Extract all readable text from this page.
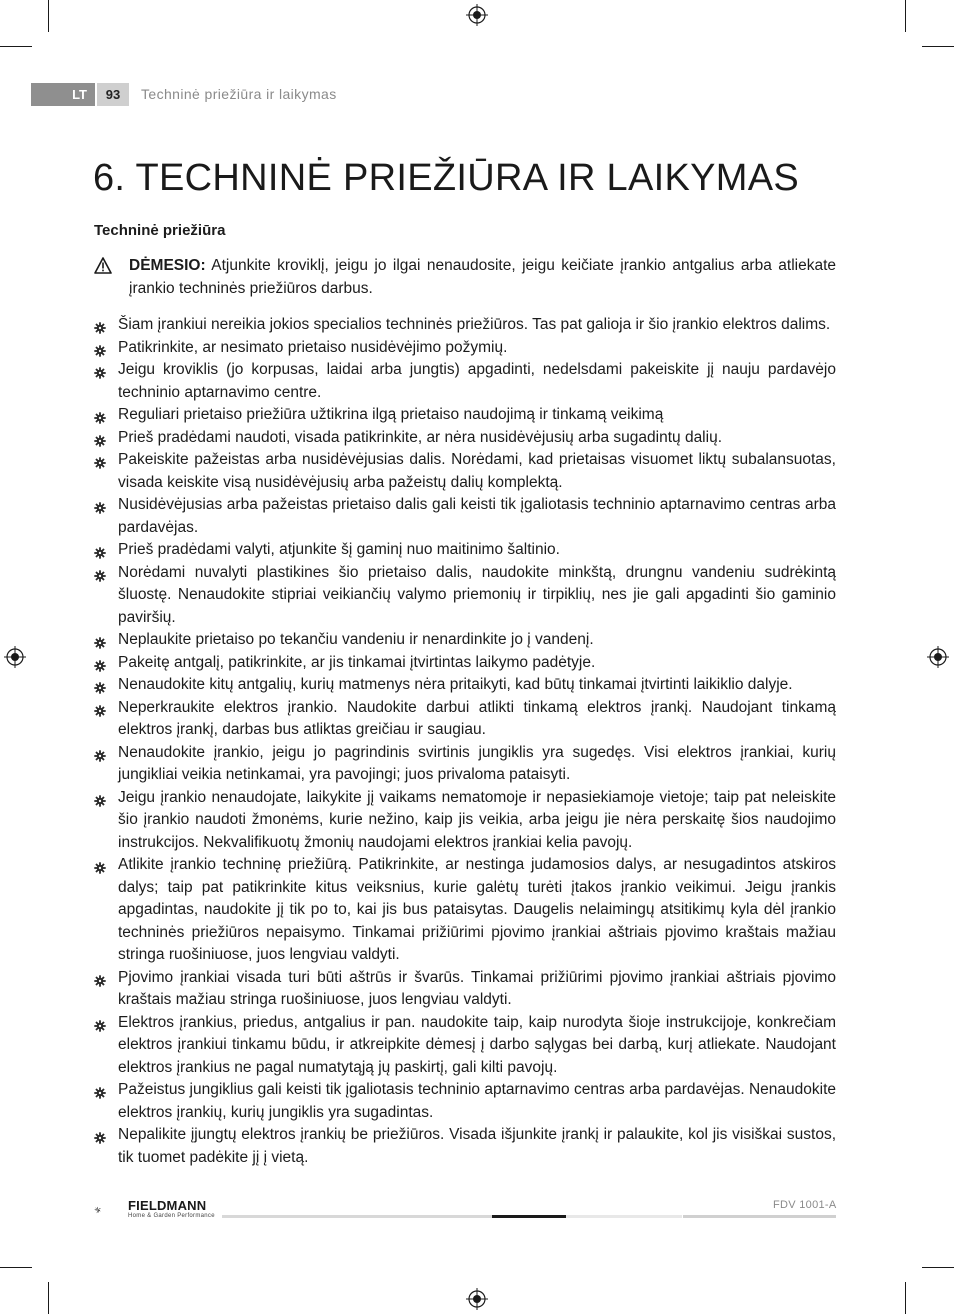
LT	93	Techninė priežiūra ir laikymas
6. TECHNINĖ PRIEŽIŪRA IR LAIKYMAS
Techninė priežiūra
DĖMESIO: Atjunkite kroviklį, jeigu jo ilgai nenaudosite, jeigu keičiate įrankio antgalius arba atliekate įrankio techninės priežiūros darbus.
Šiam įrankiui nereikia jokios specialios techninės priežiūros. Tas pat galioja ir šio įrankio elektros dalims.
Patikrinkite, ar nesimato prietaiso nusidėvėjimo požymių.
Jeigu kroviklis (jo korpusas, laidai arba jungtis) apgadinti, nedelsdami pakeiskite jį nauju pardavėjo techninio aptarnavimo centre.
Reguliari prietaiso priežiūra užtikrina ilgą prietaiso naudojimą ir tinkamą veikimą
Prieš pradėdami naudoti, visada patikrinkite, ar nėra nusidėvėjusių arba sugadintų dalių.
Pakeiskite pažeistas arba nusidėvėjusias dalis. Norėdami, kad prietaisas visuomet liktų subalansuotas, visada keiskite visą nusidėvėjusių arba pažeistų dalių komplektą.
Nusidėvėjusias arba pažeistas prietaiso dalis gali keisti tik įgaliotasis techninio aptarnavimo centras arba pardavėjas.
Prieš pradėdami valyti, atjunkite šį gaminį nuo maitinimo šaltinio.
Norėdami nuvalyti plastikines šio prietaiso dalis, naudokite minkštą, drungnu vandeniu sudrėkintą šluostę. Nenaudokite stipriai veikiančių valymo priemonių ir tirpiklių, nes jie gali apgadinti šio gaminio paviršių.
Neplaukite prietaiso po tekančiu vandeniu ir nenardinkite jo į vandenį.
Pakeitę antgalį, patikrinkite, ar jis tinkamai įtvirtintas laikymo padėtyje.
Nenaudokite kitų antgalių, kurių matmenys nėra pritaikyti, kad būtų tinkamai įtvirtinti laikiklio dalyje.
Neperkraukite elektros įrankio. Naudokite darbui atlikti tinkamą elektros įrankį. Naudojant tinkamą elektros įrankį, darbas bus atliktas greičiau ir saugiau.
Nenaudokite įrankio, jeigu jo pagrindinis svirtinis jungiklis yra sugedęs. Visi elektros įrankiai, kurių jungikliai veikia netinkamai, yra pavojingi; juos privaloma pataisyti.
Jeigu įrankio nenaudojate, laikykite jį vaikams nematomoje ir nepasiekiamoje vietoje; taip pat neleiskite šio įrankio naudoti žmonėms, kurie nežino, kaip jis veikia, arba jeigu jie nėra perskaitę šios naudojimo instrukcijos. Nekvalifikuotų žmonių naudojami elektros įrankiai kelia pavojų.
Atlikite įrankio techninę priežiūrą. Patikrinkite, ar nestinga judamosios dalys, ar nesugadintos atskiros dalys; taip pat patikrinkite kitus veiksnius, kurie galėtų turėti įtakos įrankio veikimui. Jeigu įrankis apgadintas, naudokite jį tik po to, kai jis bus pataisytas. Daugelis nelaimingų atsitikimų kyla dėl įrankio techninės priežiūros nepaisymo. Tinkamai prižiūrimi pjovimo įrankiai aštriais pjovimo kraštais mažiau stringa ruošiniuose, juos lengviau valdyti.
Pjovimo įrankiai visada turi būti aštrūs ir švarūs. Tinkamai prižiūrimi pjovimo įrankiai aštriais pjovimo kraštais mažiau stringa ruošiniuose, juos lengviau valdyti.
Elektros įrankius, priedus, antgalius ir pan. naudokite taip, kaip nurodyta šioje instrukcijoje, konkrečiam elektros įrankiui tinkamu būdu, ir atkreipkite dėmesį į darbo sąlygas bei darbą, kurį atliekate. Naudojant elektros įrankius ne pagal numatytąją jų paskirtį, gali kilti pavojų.
Pažeistus jungiklius gali keisti tik įgaliotasis techninio aptarnavimo centras arba pardavėjas. Nenaudokite elektros įrankių, kurių jungiklis yra sugadintas.
Nepalikite įjungtų elektros įrankių be priežiūros. Visada išjunkite įrankį ir palaukite, kol jis visiškai sustos, tik tuomet padėkite jį į vietą.
FIELDMANN
Home & Garden Performance
FDV 1001-A
